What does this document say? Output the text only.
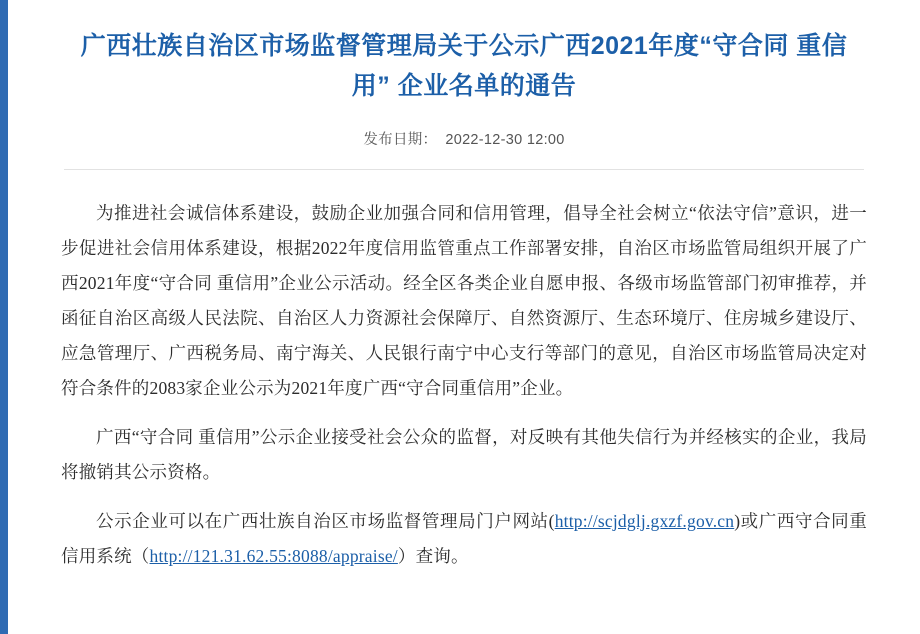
广西壮族自治区市场监督管理局关于公示广西2021年度“守合同 重信用” 企业名单的通告
发布日期： 2022-12-30 12:00

为推进社会诚信体系建设，鼓励企业加强合同和信用管理，倡导全社会树立“依法守信”意识，进一步促进社会信用体系建设，根据2022年度信用监管重点工作部署安排，自治区市场监管局组织开展了广西2021年度“守合同 重信用”企业公示活动。经全区各类企业自愿申报、各级市场监管部门初审推荐，并函征自治区高级人民法院、自治区人力资源社会保障厅、自然资源厅、生态环境厅、住房城乡建设厅、应急管理厅、广西税务局、南宁海关、人民银行南宁中心支行等部门的意见，自治区市场监管局决定对符合条件的2083家企业公示为2021年度广西“守合同重信用”企业。

广西“守合同 重信用”公示企业接受社会公众的监督，对反映有其他失信行为并经核实的企业，我局将撤销其公示资格。

公示企业可以在广西壮族自治区市场监督管理局门户网站(http://scjdglj.gxzf.gov.cn)或广西守合同重信用系统（http://121.31.62.55:8088/appraise/）查询。
